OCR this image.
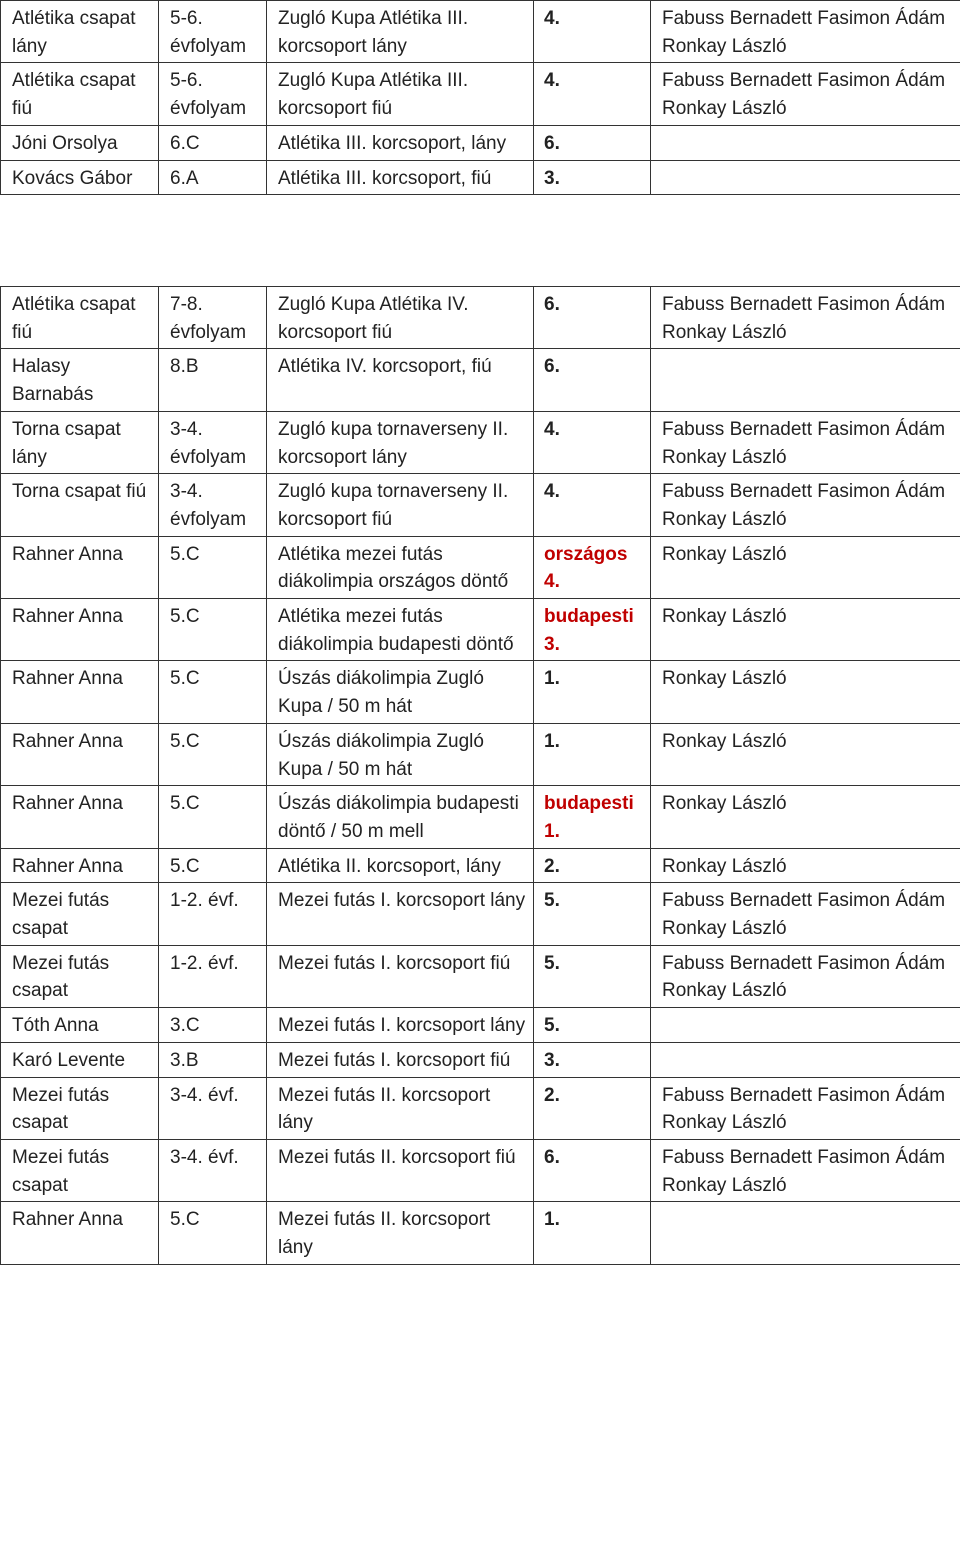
Atlétika csapat lány	5-6. évfolyam	Zugló Kupa Atlétika III. korcsoport lány	4.	Fabuss Bernadett Fasimon Ádám Ronkay László
Atlétika csapat fiú	5-6. évfolyam	Zugló Kupa Atlétika III. korcsoport fiú	4.	Fabuss Bernadett Fasimon Ádám Ronkay László
Jóni Orsolya	6.C	Atlétika III. korcsoport, lány	6.	
Kovács Gábor	6.A	Atlétika III. korcsoport, fiú	3.	
Atlétika csapat fiú	7-8. évfolyam	Zugló Kupa Atlétika IV. korcsoport fiú	6.	Fabuss Bernadett Fasimon Ádám Ronkay László
Halasy Barnabás	8.B	Atlétika IV. korcsoport, fiú	6.	
Torna csapat lány	3-4. évfolyam	Zugló kupa tornaverseny II. korcsoport lány	4.	Fabuss Bernadett Fasimon Ádám Ronkay László
Torna csapat fiú	3-4. évfolyam	Zugló kupa tornaverseny II. korcsoport fiú	4.	Fabuss Bernadett Fasimon Ádám Ronkay László
Rahner Anna	5.C	Atlétika mezei futás diákolimpia országos döntő	országos 4.	Ronkay László
Rahner Anna	5.C	Atlétika mezei futás diákolimpia budapesti döntő	budapesti 3.	Ronkay László
Rahner Anna	5.C	Úszás diákolimpia Zugló Kupa / 50 m hát	1.	Ronkay László
Rahner Anna	5.C	Úszás diákolimpia Zugló Kupa / 50 m hát	1.	Ronkay László
Rahner Anna	5.C	Úszás diákolimpia budapesti döntő / 50 m mell	budapesti 1.	Ronkay László
Rahner Anna	5.C	Atlétika II. korcsoport, lány	2.	Ronkay László
Mezei futás csapat	1-2. évf.	Mezei futás I. korcsoport lány	5.	Fabuss Bernadett Fasimon Ádám Ronkay László
Mezei futás csapat	1-2. évf.	Mezei futás I. korcsoport fiú	5.	Fabuss Bernadett Fasimon Ádám Ronkay László
Tóth Anna	3.C	Mezei futás I. korcsoport lány	5.	
Karó Levente	3.B	Mezei futás I. korcsoport fiú	3.	
Mezei futás csapat	3-4. évf.	Mezei futás II. korcsoport lány	2.	Fabuss Bernadett Fasimon Ádám Ronkay László
Mezei futás csapat	3-4. évf.	Mezei futás II. korcsoport fiú	6.	Fabuss Bernadett Fasimon Ádám Ronkay László
Rahner Anna	5.C	Mezei futás II. korcsoport lány	1.	
